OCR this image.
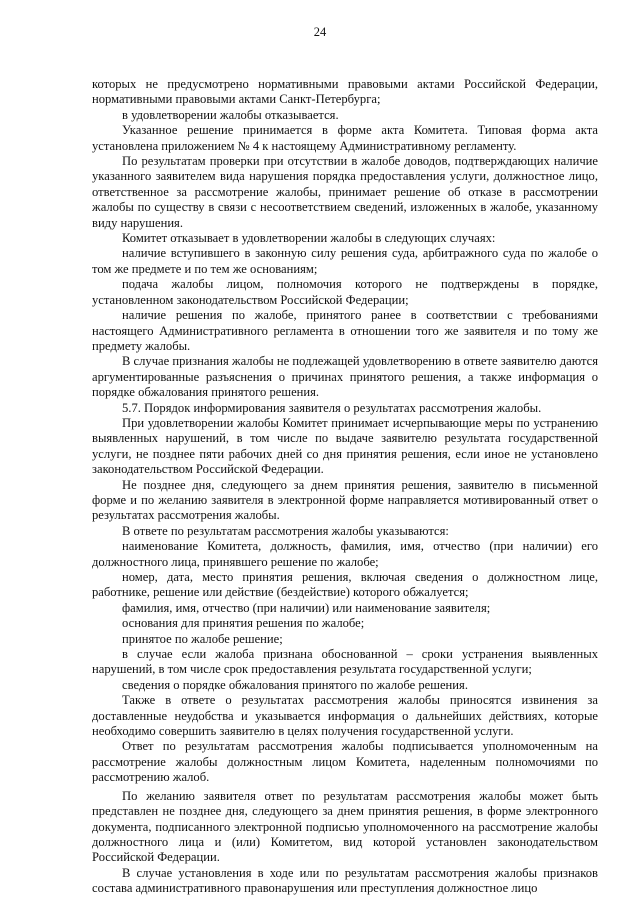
24

которых не предусмотрено нормативными правовыми актами Российской Федерации, нормативными правовыми актами Санкт-Петербурга;

в удовлетворении жалобы отказывается.

Указанное решение принимается в форме акта Комитета. Типовая форма акта установлена приложением № 4 к настоящему Административному регламенту.

По результатам проверки при отсутствии в жалобе доводов, подтверждающих наличие указанного заявителем вида нарушения порядка предоставления услуги, должностное лицо, ответственное за рассмотрение жалобы, принимает решение об отказе в рассмотрении жалобы по существу в связи с несоответствием сведений, изложенных в жалобе, указанному виду нарушения.

Комитет отказывает в удовлетворении жалобы в следующих случаях:

наличие вступившего в законную силу решения суда, арбитражного суда по жалобе о том же предмете и по тем же основаниям;

подача жалобы лицом, полномочия которого не подтверждены в порядке, установленном законодательством Российской Федерации;

наличие решения по жалобе, принятого ранее в соответствии с требованиями настоящего Административного регламента в отношении того же заявителя и по тому же предмету жалобы.

В случае признания жалобы не подлежащей удовлетворению в ответе заявителю даются аргументированные разъяснения о причинах принятого решения, а также информация о порядке обжалования принятого решения.

5.7. Порядок информирования заявителя о результатах рассмотрения жалобы.

При удовлетворении жалобы Комитет принимает исчерпывающие меры по устранению выявленных нарушений, в том числе по выдаче заявителю результата государственной услуги, не позднее пяти рабочих дней со дня принятия решения, если иное не установлено законодательством Российской Федерации.

Не позднее дня, следующего за днем принятия решения, заявителю в письменной форме и по желанию заявителя в электронной форме направляется мотивированный ответ о результатах рассмотрения жалобы.

В ответе по результатам рассмотрения жалобы указываются:

наименование Комитета, должность, фамилия, имя, отчество (при наличии) его должностного лица, принявшего решение по жалобе;

номер, дата, место принятия решения, включая сведения о должностном лице, работнике, решение или действие (бездействие) которого обжалуется;

фамилия, имя, отчество (при наличии) или наименование заявителя;

основания для принятия решения по жалобе;

принятое по жалобе решение;

в случае если жалоба признана обоснованной – сроки устранения выявленных нарушений, в том числе срок предоставления результата государственной услуги;

сведения о порядке обжалования принятого по жалобе решения.

Также в ответе о результатах рассмотрения жалобы приносятся извинения за доставленные неудобства и указывается информация о дальнейших действиях, которые необходимо совершить заявителю в целях получения государственной услуги.

Ответ по результатам рассмотрения жалобы подписывается уполномоченным на рассмотрение жалобы должностным лицом Комитета, наделенным полномочиями по рассмотрению жалоб.

По желанию заявителя ответ по результатам рассмотрения жалобы может быть представлен не позднее дня, следующего за днем принятия решения, в форме электронного документа, подписанного электронной подписью уполномоченного на рассмотрение жалобы должностного лица и (или) Комитетом, вид которой установлен законодательством Российской Федерации.

В случае установления в ходе или по результатам рассмотрения жалобы признаков состава административного правонарушения или преступления должностное лицо
